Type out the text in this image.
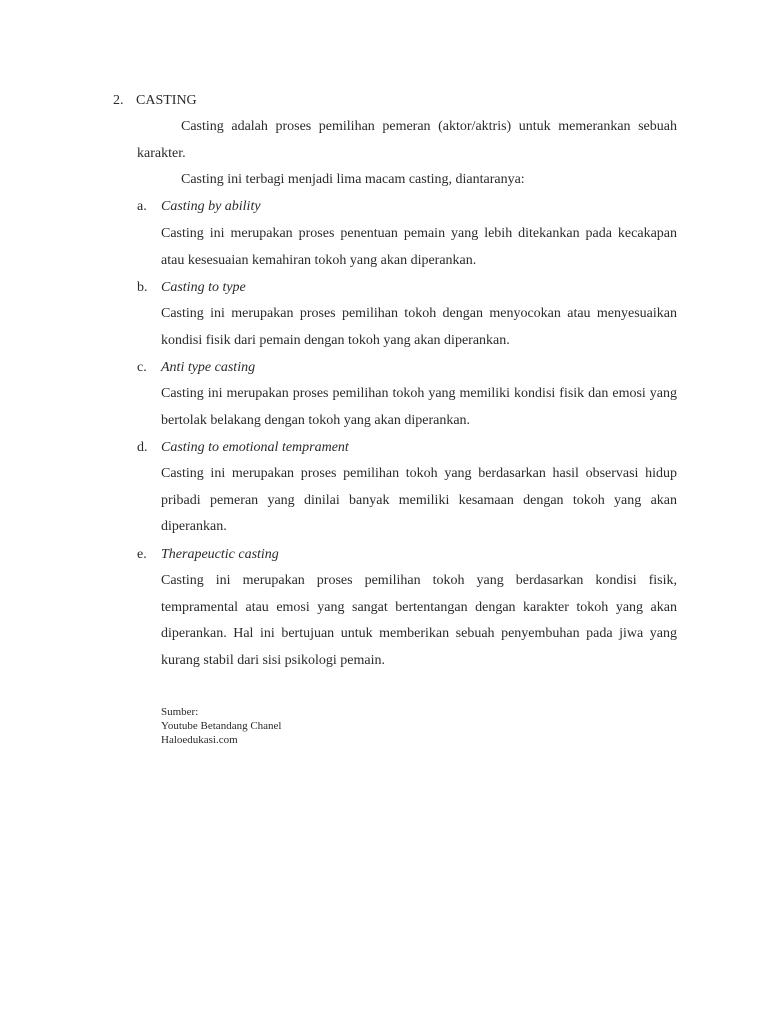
2. CASTING
Casting adalah proses pemilihan pemeran (aktor/aktris) untuk memerankan sebuah karakter.
Casting ini terbagi menjadi lima macam casting, diantaranya:
a. Casting by ability
Casting ini merupakan proses penentuan pemain yang lebih ditekankan pada kecakapan atau kesesuaian kemahiran tokoh yang akan diperankan.
b. Casting to type
Casting ini merupakan proses pemilihan tokoh dengan menyocokan atau menyesuaikan kondisi fisik dari pemain dengan tokoh yang akan diperankan.
c. Anti type casting
Casting ini merupakan proses pemilihan tokoh yang memiliki kondisi fisik dan emosi yang bertolak belakang dengan tokoh yang akan diperankan.
d. Casting to emotional temprament
Casting ini merupakan proses pemilihan tokoh yang berdasarkan hasil observasi hidup pribadi pemeran yang dinilai banyak memiliki kesamaan dengan tokoh yang akan diperankan.
e. Therapeuctic casting
Casting ini merupakan proses pemilihan tokoh yang berdasarkan kondisi fisik, tempramental atau emosi yang sangat bertentangan dengan karakter tokoh yang akan diperankan. Hal ini bertujuan untuk memberikan sebuah penyembuhan pada jiwa yang kurang stabil dari sisi psikologi pemain.
Sumber:
Youtube Betandang Chanel
Haloedukasi.com
